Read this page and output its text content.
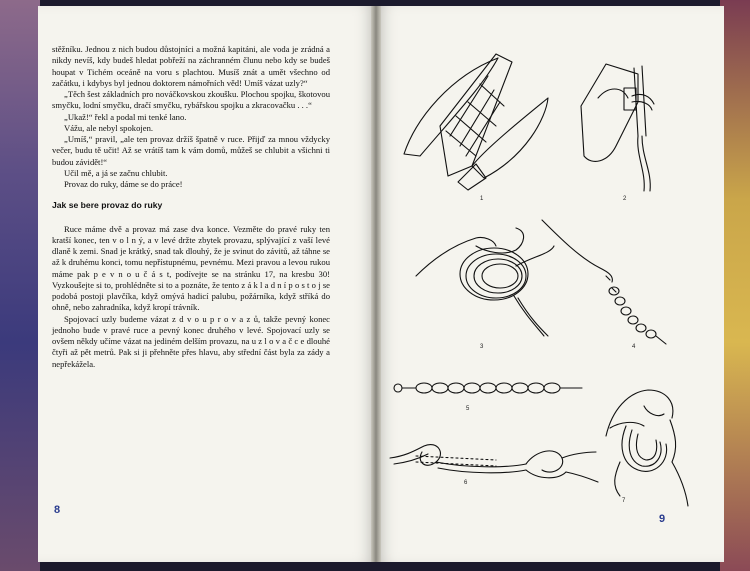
1	2
3	4
5
6
7
9

stěžníku. Jednou z nich budou důstojníci a možná kapitáni, ale voda je zrádná a nikdy nevíš, kdy budeš hledat pobřeží na záchranném člunu nebo kdy se budeš houpat v Tichém oceáně na voru s plachtou. Musíš znát a umět všechno od začátku, i kdybys byl jednou doktorem námořních věd! Umíš vázat uzly?“

„Těch šest základních pro nováčkovskou zkoušku. Plochou spojku, škotovou smyčku, lodní smyčku, dračí smyčku, rybářskou spojku a zkracovačku . . .“

„Ukaž!“ řekl a podal mi tenké lano.

Vážu, ale nebyl spokojen.

„Umíš,“ pravil, „ale ten provaz držíš špatně v ruce. Přijď za mnou vždycky večer, budu tě učit! Až se vrátíš tam k vám domů, můžeš se chlubit a všichni ti budou závidět!“

Učil mě, a já se začnu chlubit.

Provaz do ruky, dáme se do práce!

Jak se bere provaz do ruky

Ruce máme dvě a provaz má zase dva konce. Vezměte do pravé ruky ten kratší konec, ten v o l n ý, a v levé držte zbytek provazu, splývající z vaší levé dlaně k zemi. Snad je krátký, snad tak dlouhý, že je svinut do závitů, až táhne se až k druhému konci, tomu nepřístupnému, pevnému. Mezi pravou a levou rukou máme pak p e v n o u č á s t, podívejte se na stránku 17, na kresbu 30! Vyzkoušejte si to, prohlédněte si to a poznáte, že tento z á k l a d n í p o s t o j se podobá postoji plavčíka, když omývá hadicí palubu, požárníka, když stříká do ohně, nebo zahradníka, když kropí trávník.

Spojovací uzly budeme vázat z d v o u p r o v a z ů, takže pevný konec jednoho bude v pravé ruce a pevný konec druhého v levé. Spojovací uzly se ovšem někdy učíme vázat na jediném delším provazu, na u z l o v a č c e dlouhé čtyři až pět metrů. Pak si ji přehněte přes hlavu, aby střední část byla za zády a nepřekážela.

8
